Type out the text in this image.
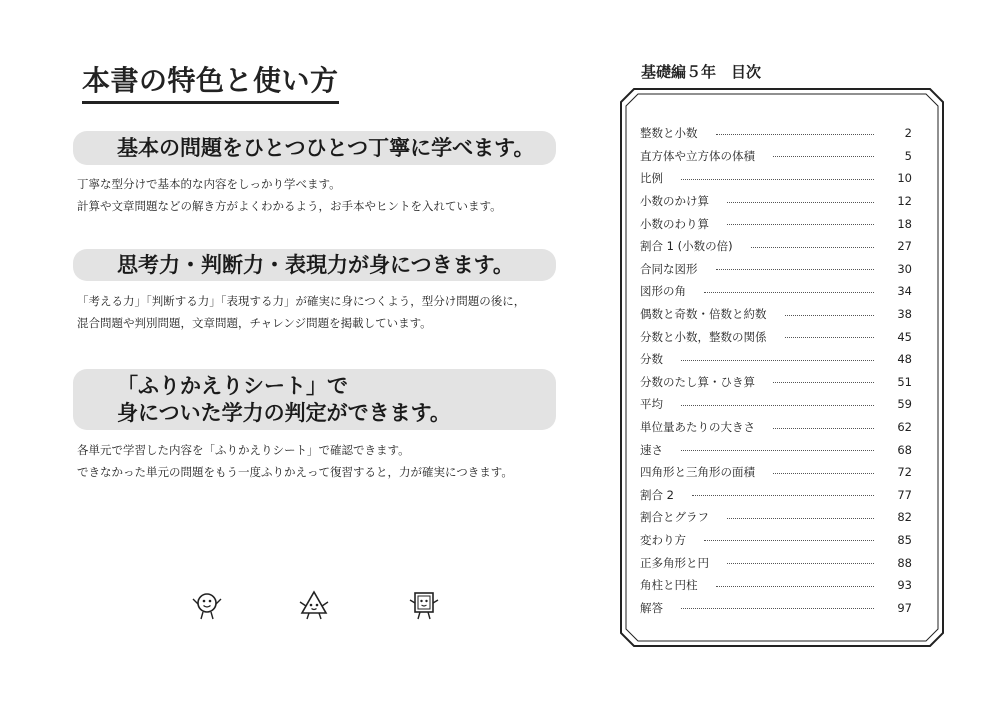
本書の特色と使い方
基本の問題をひとつひとつ丁寧に学べます。
丁寧な型分けで基本的な内容をしっかり学べます。
計算や文章問題などの解き方がよくわかるよう，お手本やヒントを入れています。
思考力・判断力・表現力が身につきます。
「考える力」「判断する力」「表現する力」が確実に身につくよう，型分け問題の後に，
混合問題や判別問題，文章問題，チャレンジ問題を掲載しています。
「ふりかえりシート」で
身についた学力の判定ができます。
各単元で学習した内容を「ふりかえりシート」で確認できます。
できなかった単元の問題をもう一度ふりかえって復習すると，力が確実につきます。
基礎編５年　目次
整数と小数	2
直方体や立方体の体積	5
比例	10
小数のかけ算	12
小数のわり算	18
割合 1 (小数の倍)	27
合同な図形	30
図形の角	34
偶数と奇数・倍数と約数	38
分数と小数，整数の関係	45
分数	48
分数のたし算・ひき算	51
平均	59
単位量あたりの大きさ	62
速さ	68
四角形と三角形の面積	72
割合 2	77
割合とグラフ	82
変わり方	85
正多角形と円	88
角柱と円柱	93
解答	97
